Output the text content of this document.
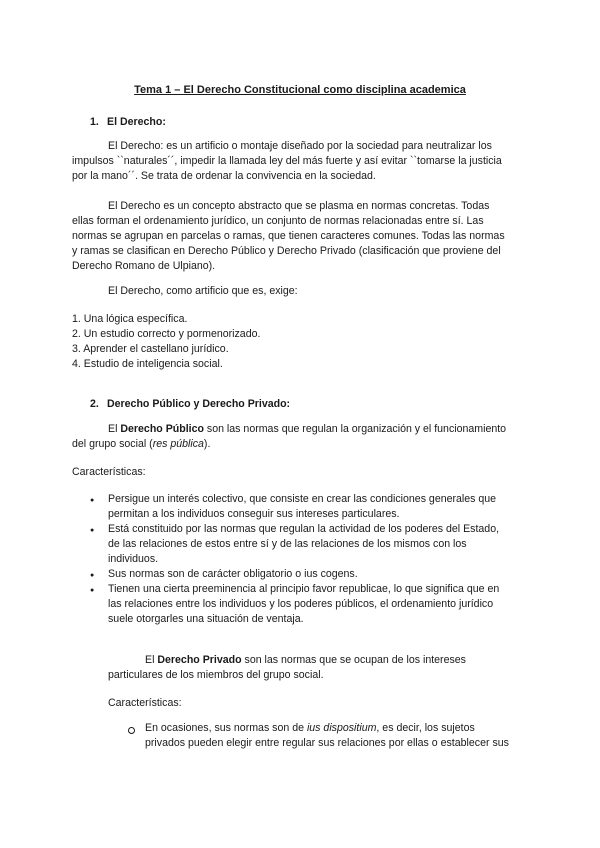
Tema 1 – El Derecho Constitucional como disciplina academica
1. El Derecho:
El Derecho: es un artificio o montaje diseñado por la sociedad para neutralizar los
impulsos ``naturales´´, impedir la llamada ley del más fuerte y así evitar ``tomarse la justicia
por la mano´´. Se trata de ordenar la convivencia en la sociedad.
El Derecho es un concepto abstracto que se plasma en normas concretas. Todas
ellas forman el ordenamiento jurídico, un conjunto de normas relacionadas entre sí. Las
normas se agrupan en parcelas o ramas, que tienen caracteres comunes. Todas las normas
y ramas se clasifican en Derecho Público y Derecho Privado (clasificación que proviene del
Derecho Romano de Ulpiano).
El Derecho, como artificio que es, exige:
1. Una lógica específica.
2. Un estudio correcto y pormenorizado.
3. Aprender el castellano jurídico.
4. Estudio de inteligencia social.
2. Derecho Público y Derecho Privado:
El Derecho Público son las normas que regulan la organización y el funcionamiento
del grupo social (res pública).
Características:
● Persigue un interés colectivo, que consiste en crear las condiciones generales que
permitan a los individuos conseguir sus intereses particulares.
● Está constituido por las normas que regulan la actividad de los poderes del Estado,
de las relaciones de estos entre sí y de las relaciones de los mismos con los
individuos.
● Sus normas son de carácter obligatorio o ius cogens.
● Tienen una cierta preeminencia al principio favor republicae, lo que significa que en
las relaciones entre los individuos y los poderes públicos, el ordenamiento jurídico
suele otorgarles una situación de ventaja.
El Derecho Privado son las normas que se ocupan de los intereses
particulares de los miembros del grupo social.
Características:
En ocasiones, sus normas son de ius dispositium, es decir, los sujetos
privados pueden elegir entre regular sus relaciones por ellas o establecer sus
